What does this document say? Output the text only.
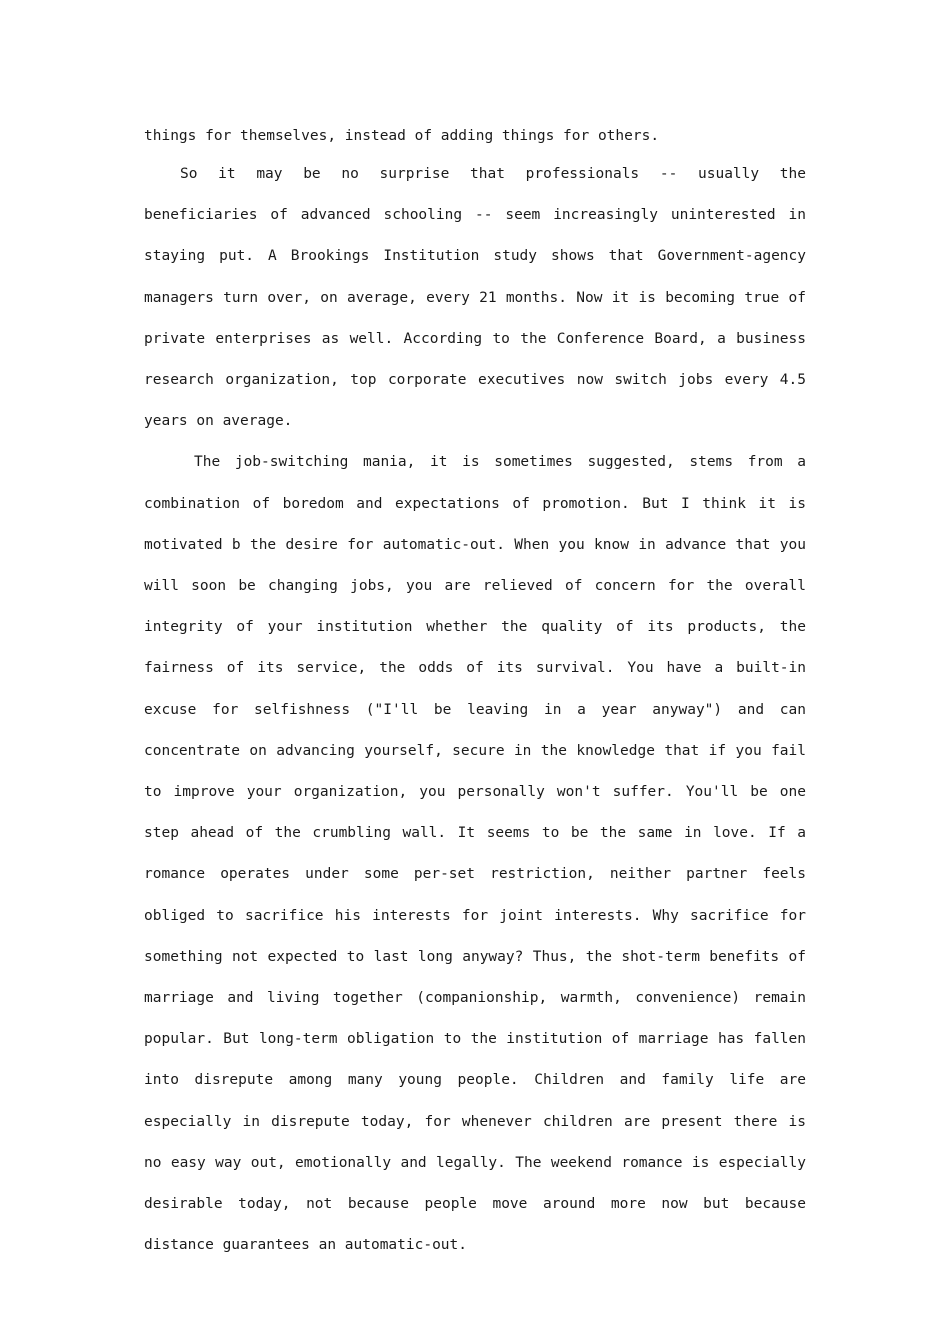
things for themselves, instead of adding things for others.

So it may be no surprise that professionals -- usually the beneficiaries of advanced schooling -- seem increasingly uninterested in staying put. A Brookings Institution study shows that Government-agency managers turn over, on average, every 21 months. Now it is becoming true of private enterprises as well. According to the Conference Board, a business research organization, top corporate executives now switch jobs every 4.5 years on average.

The job-switching mania, it is sometimes suggested, stems from a combination of boredom and expectations of promotion. But I think it is motivated b the desire for automatic-out. When you know in advance that you will soon be changing jobs, you are relieved of concern for the overall integrity of your institution whether the quality of its products, the fairness of its service, the odds of its survival. You have a built-in excuse for selfishness ("I'll be leaving in a year anyway") and can concentrate on advancing yourself, secure in the knowledge that if you fail to improve your organization, you personally won't suffer. You'll be one step ahead of the crumbling wall. It seems to be the same in love. If a romance operates under some per-set restriction, neither partner feels obliged to sacrifice his interests for joint interests. Why sacrifice for something not expected to last long anyway? Thus, the shot-term benefits of marriage and living together (companionship, warmth, convenience) remain popular. But long-term obligation to the institution of marriage has fallen into disrepute among many young people. Children and family life are especially in disrepute today, for whenever children are present there is no easy way out, emotionally and legally. The weekend romance is especially desirable today, not because people move around more now but because distance guarantees an automatic-out.
